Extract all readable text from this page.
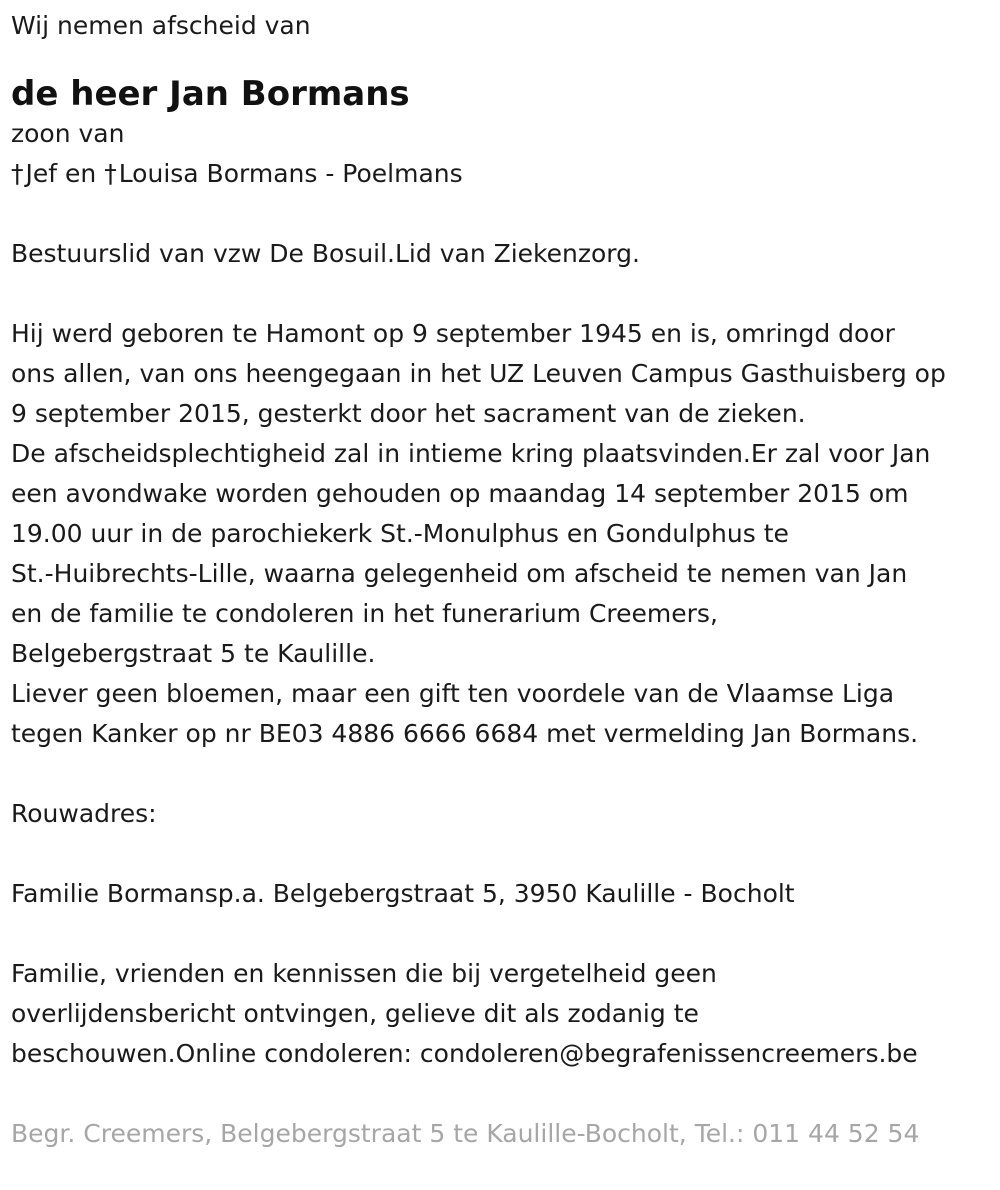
Wij nemen afscheid van

de heer Jan Bormans

zoon van

†Jef en †Louisa Bormans - Poelmans

Bestuurslid van vzw De Bosuil.Lid van Ziekenzorg.

Hij werd geboren te Hamont op 9 september 1945 en is, omringd door

ons allen, van ons heengegaan in het UZ Leuven Campus Gasthuisberg op

9 september 2015, gesterkt door het sacrament van de zieken.

De afscheidsplechtigheid zal in intieme kring plaatsvinden.Er zal voor Jan

een avondwake worden gehouden op maandag 14 september 2015 om

19.00 uur in de parochiekerk St.-Monulphus en Gondulphus te

St.-Huibrechts-Lille, waarna gelegenheid om afscheid te nemen van Jan

en de familie te condoleren in het funerarium Creemers,

Belgebergstraat 5 te Kaulille.

Liever geen bloemen, maar een gift ten voordele van de Vlaamse Liga

tegen Kanker op nr BE03 4886 6666 6684 met vermelding Jan Bormans.

Rouwadres:

Familie Bormansp.a. Belgebergstraat 5, 3950 Kaulille - Bocholt

Familie, vrienden en kennissen die bij vergetelheid geen

overlijdensbericht ontvingen, gelieve dit als zodanig te

beschouwen.Online condoleren: condoleren@begrafenissencreemers.be

Begr. Creemers, Belgebergstraat 5 te Kaulille-Bocholt, Tel.: 011 44 52 54
